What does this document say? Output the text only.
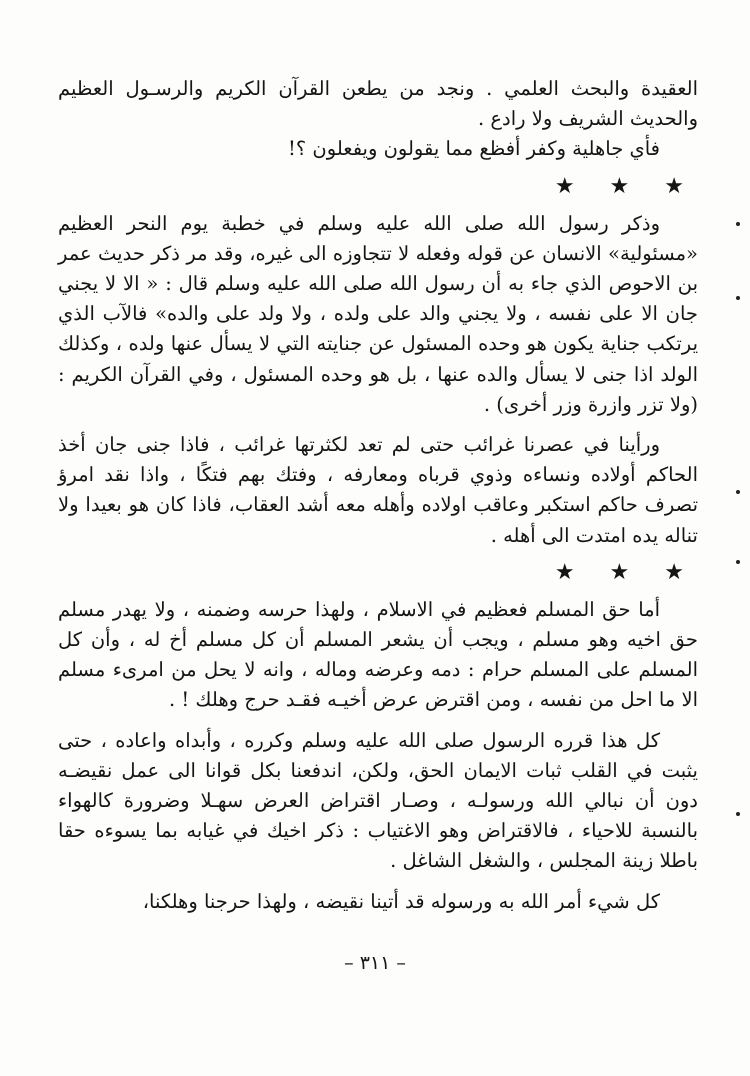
العقيدة والبحث العلمي . ونجد من يطعن القرآن الكريم والرسـول العظيم والحديث الشريف ولا رادع .

فأي جاهلية وكفر أفظع مما يقولون ويفعلون ؟!

★ ★ ★

وذكر رسول الله صلى الله عليه وسلم في خطبة يوم النحر العظيم «مسئولية» الانسان عن قوله وفعله لا تتجاوزه الى غيره، وقد مر ذكر حديث عمر بن الاحوص الذي جاء به أن رسول الله صلى الله عليه وسلم قال : « الا لا يجني جان الا على نفسه ، ولا يجني والد على ولده ، ولا ولد على والده» فالآب الذي يرتكب جناية يكون هو وحده المسئول عن جنايته التي لا يسأل عنها ولده ، وكذلك الولد اذا جنى لا يسأل والده عنها ، بل هو وحده المسئول ، وفي القرآن الكريم : (ولا تزر وازرة وزر أخرى) .

ورأينا في عصرنا غرائب حتى لم تعد لكثرتها غرائب ، فاذا جنى جان أخذ الحاكم أولاده ونساءه وذوي قرباه ومعارفه ، وفتك بهم فتكًا ، واذا نقد امرؤ تصرف حاكم استكبر وعاقب اولاده وأهله معه أشد العقاب، فاذا كان هو بعيدا ولا تناله يده امتدت الى أهله .

★ ★ ★

أما حق المسلم فعظيم في الاسلام ، ولهذا حرسه وضمنه ، ولا يهدر مسلم حق اخيه وهو مسلم ، ويجب أن يشعر المسلم أن كل مسلم أخ له ، وأن كل المسلم على المسلم حرام : دمه وعرضه وماله ، وانه لا يحل من امرىء مسلم الا ما احل من نفسه ، ومن اقترض عرض أخيـه فقـد حرج وهلك ! .

كل هذا قرره الرسول صلى الله عليه وسلم وكرره ، وأبداه واعاده ، حتى يثبت في القلب ثبات الايمان الحق، ولكن، اندفعنا بكل قوانا الى عمل نقيضـه دون أن نبالي الله ورسولـه ، وصـار اقتراض العرض سهـلا وضرورة كالهواء بالنسبة للاحياء ، فالاقتراض وهو الاغتياب : ذكر اخيك في غيابه بما يسوءه حقا باطلا زينة المجلس ، والشغل الشاغل .

كل شيء أمر الله به ورسوله قد أتينا نقيضه ، ولهذا حرجنا وهلكنا،

– ٣١١ –
